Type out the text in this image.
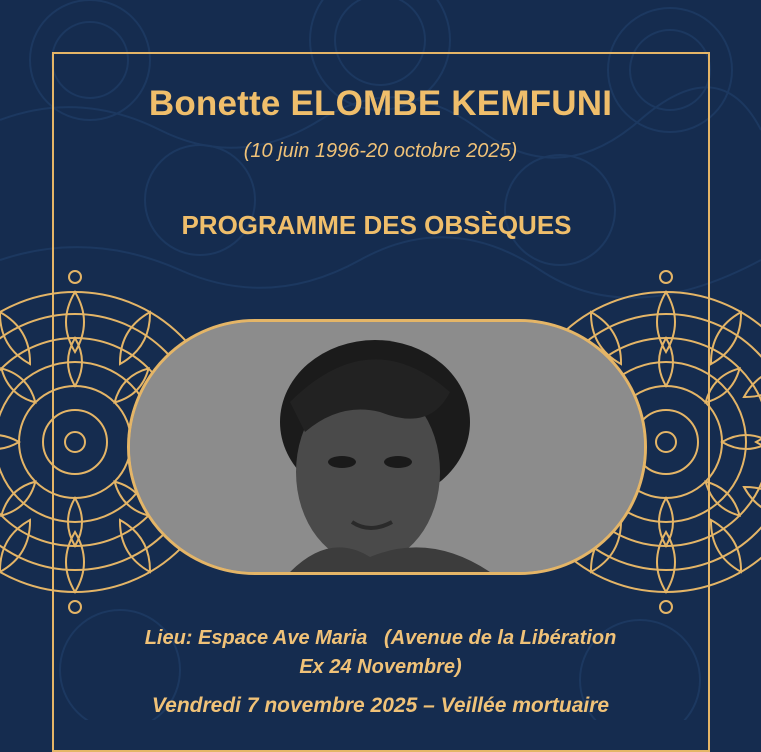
Bonette ELOMBE KEMFUNI
(10 juin 1996-20 octobre 2025)
PROGRAMME DES OBSÈQUES
Lieu: Espace Ave Maria   (Avenue de la Libération
Ex 24 Novembre)
Vendredi 7 novembre 2025 – Veillée mortuaire
